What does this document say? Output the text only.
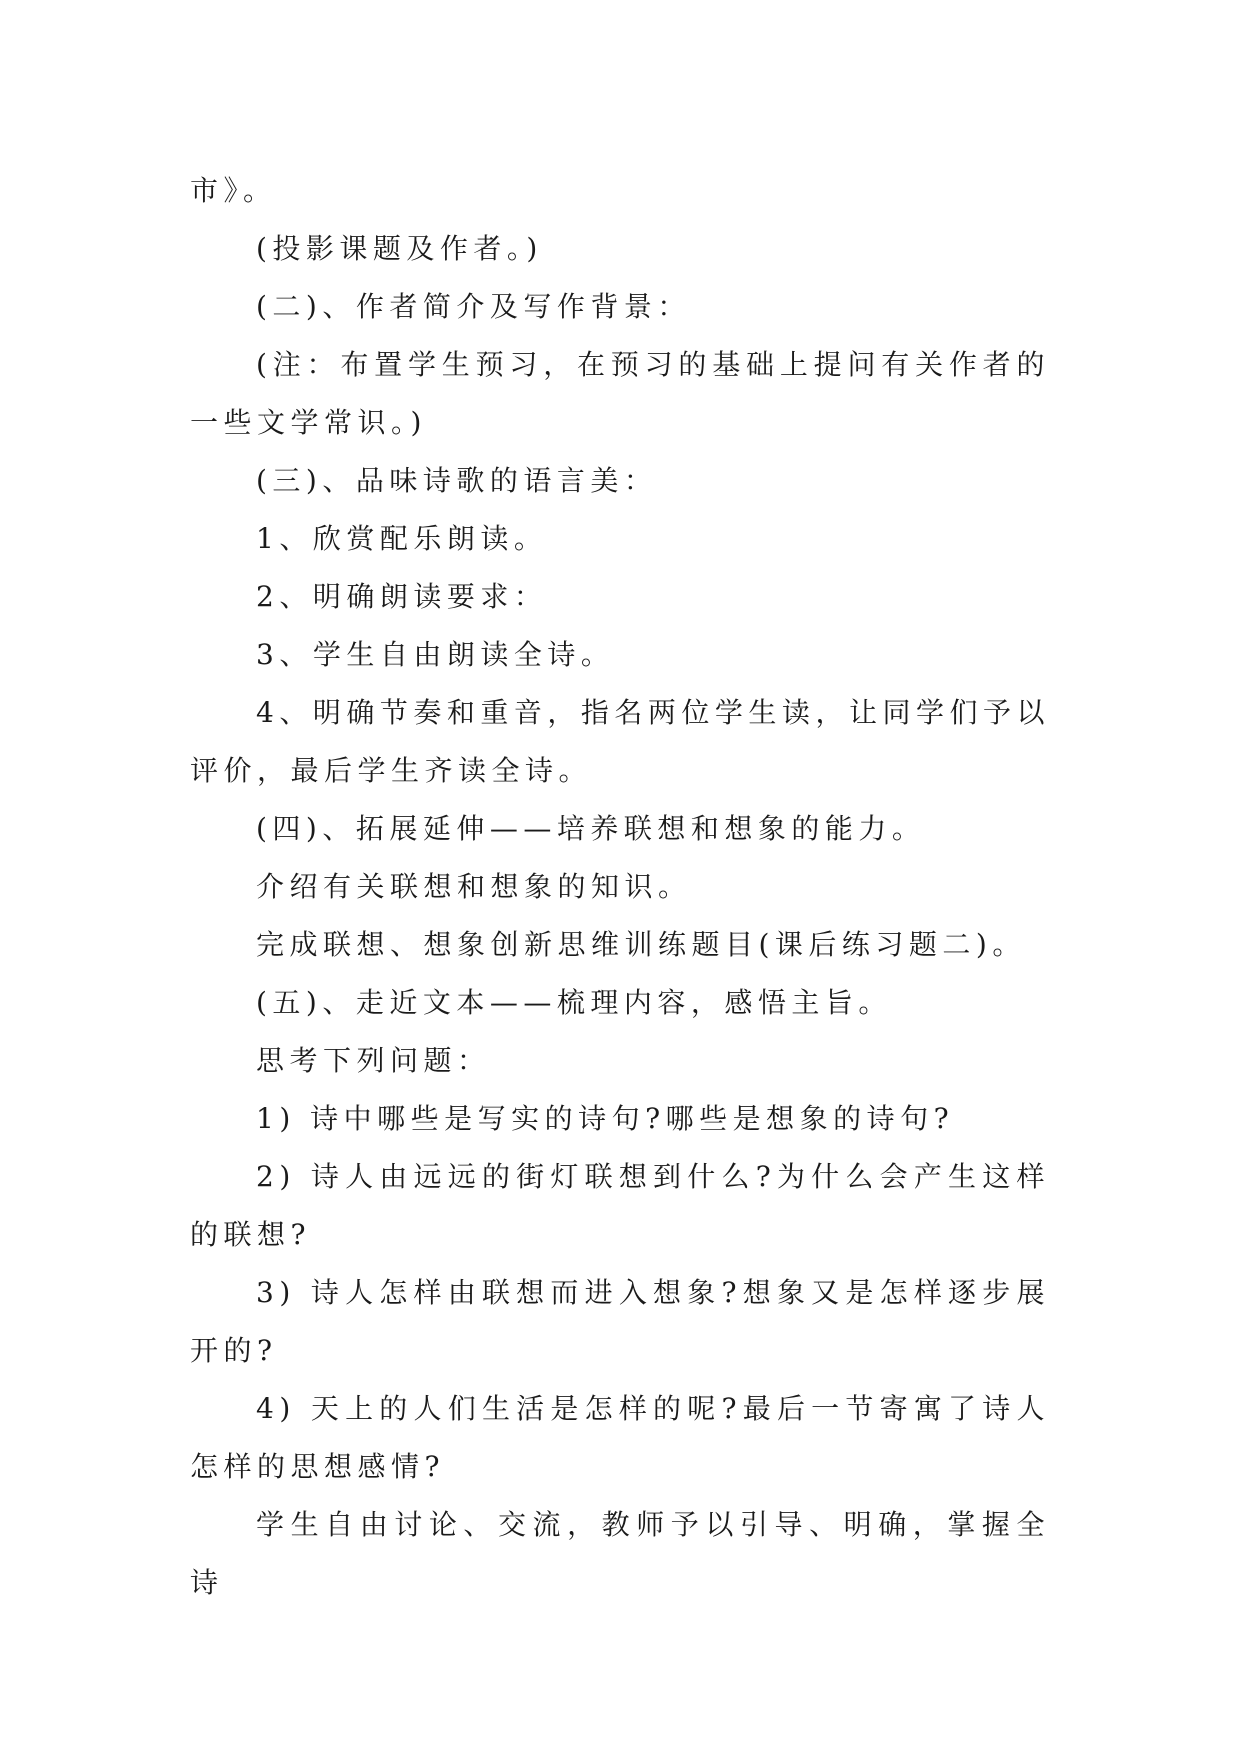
市》。

(投影课题及作者。)

(二)、作者简介及写作背景：

(注：布置学生预习，在预习的基础上提问有关作者的一些文学常识。)

(三)、品味诗歌的语言美：

1、欣赏配乐朗读。

2、明确朗读要求：

3、学生自由朗读全诗。

4、明确节奏和重音，指名两位学生读，让同学们予以评价，最后学生齐读全诗。

(四)、拓展延伸——培养联想和想象的能力。

介绍有关联想和想象的知识。

完成联想、想象创新思维训练题目(课后练习题二)。

(五)、走近文本——梳理内容，感悟主旨。

思考下列问题：

1) 诗中哪些是写实的诗句?哪些是想象的诗句?

2) 诗人由远远的街灯联想到什么?为什么会产生这样的联想?

3) 诗人怎样由联想而进入想象?想象又是怎样逐步展开的?

4) 天上的人们生活是怎样的呢?最后一节寄寓了诗人怎样的思想感情?

学生自由讨论、交流，教师予以引导、明确，掌握全诗
